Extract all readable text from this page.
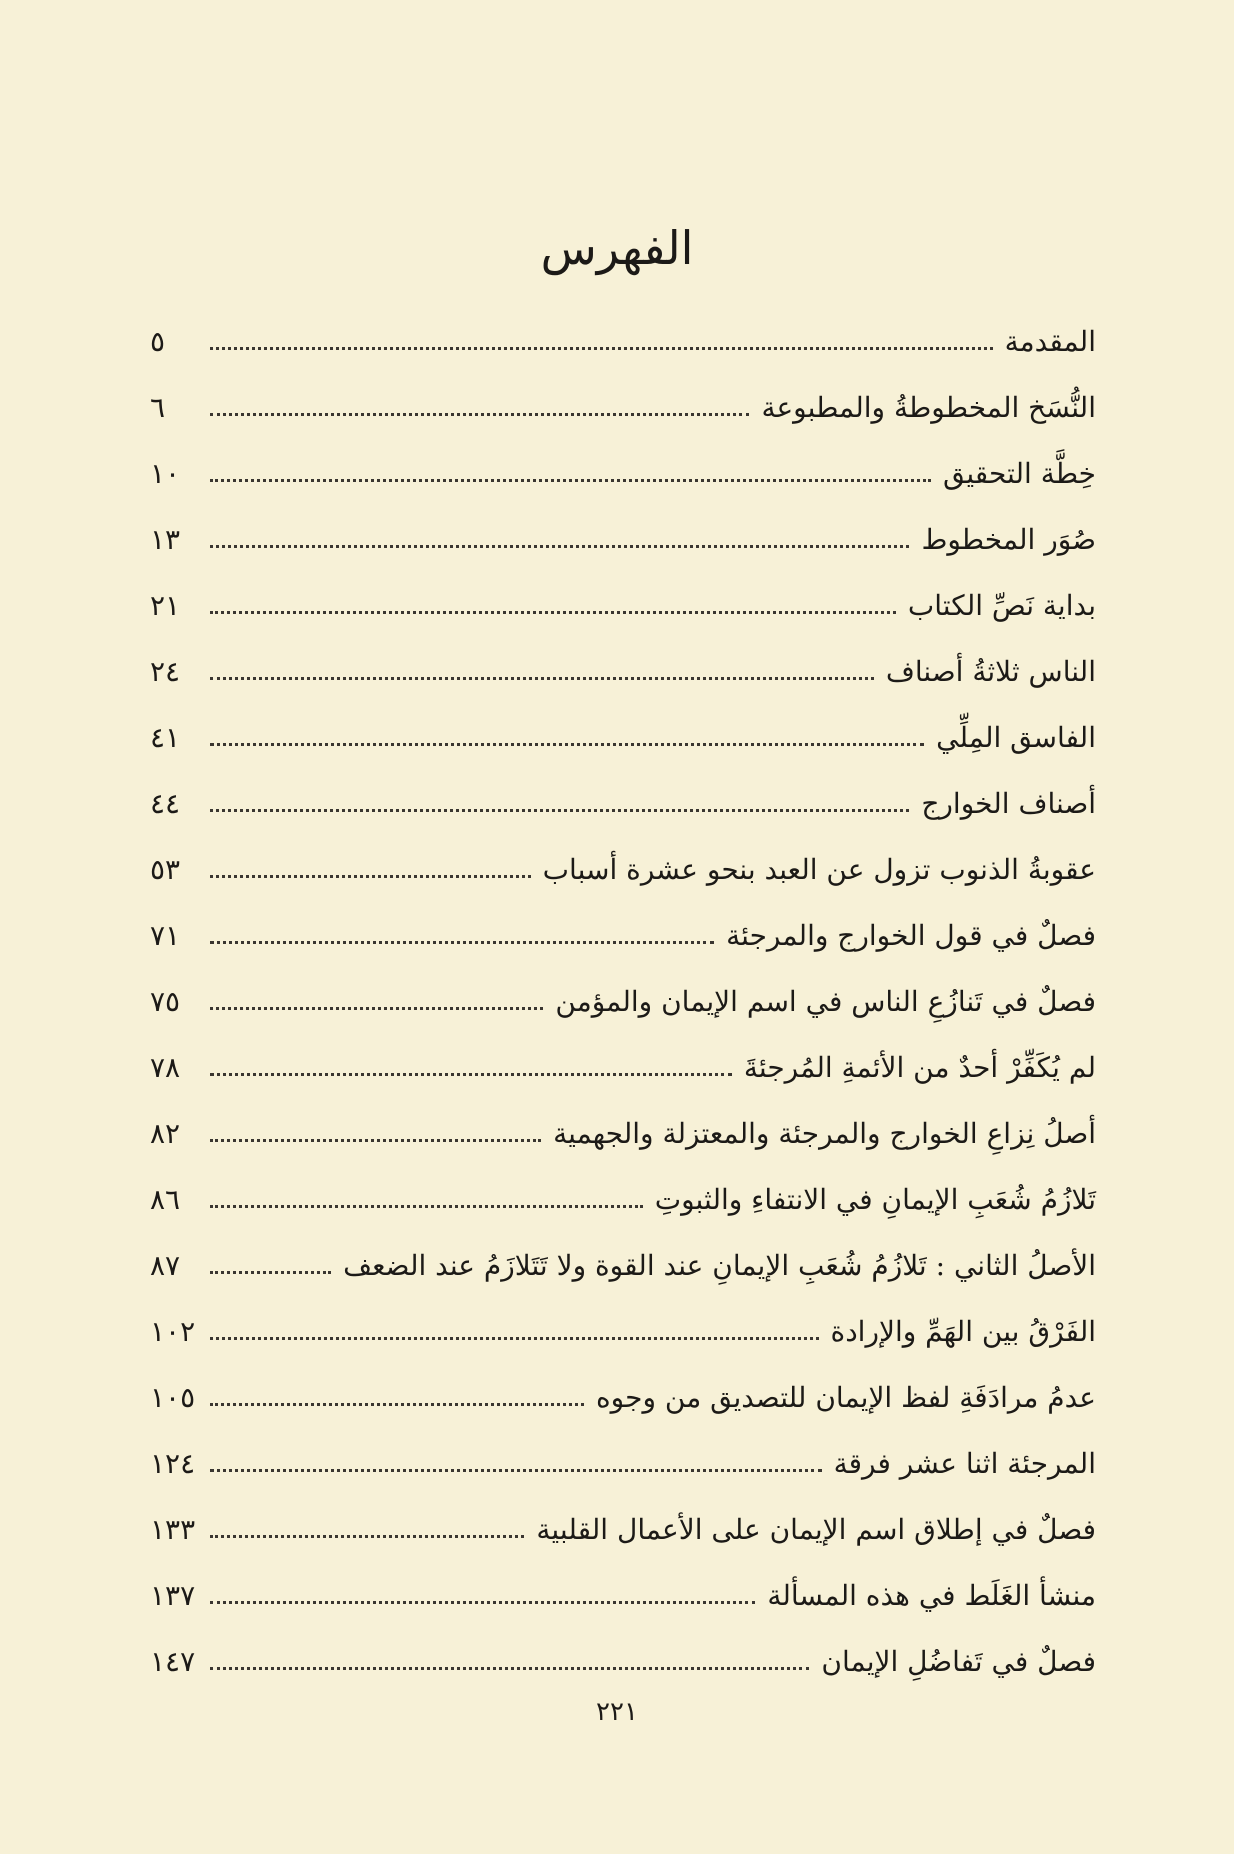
الفهرس
المقدمة
٥
النُّسَخ المخطوطةُ والمطبوعة
٦
خِطَّة التحقيق
١٠
صُوَر المخطوط
١٣
بداية نَصِّ الكتاب
٢١
الناس ثلاثةُ أصناف
٢٤
الفاسق المِلِّي
٤١
أصناف الخوارج
٤٤
عقوبةُ الذنوب تزول عن العبد بنحو عشرة أسباب
٥٣
فصلٌ في قول الخوارج والمرجئة
٧١
فصلٌ في تَنازُعِ الناس في اسم الإيمان والمؤمن
٧٥
لم يُكَفِّرْ أحدٌ من الأئمةِ المُرجئةَ
٧٨
أصلُ نِزاعِ الخوارج والمرجئة والمعتزلة والجهمية
٨٢
تَلازُمُ شُعَبِ الإيمانِ في الانتفاءِ والثبوتِ
٨٦
الأصلُ الثاني : تَلازُمُ شُعَبِ الإيمانِ عند القوة ولا تَتَلازَمُ عند الضعف
٨٧
الفَرْقُ بين الهَمِّ والإرادة
١٠٢
عدمُ مرادَفَةِ لفظ الإيمان للتصديق من وجوه
١٠٥
المرجئة اثنا عشر فرقة
١٢٤
فصلٌ في إطلاق اسم الإيمان على الأعمال القلبية
١٣٣
منشأ الغَلَط في هذه المسألة
١٣٧
فصلٌ في تَفاضُلِ الإيمان
١٤٧
٢٢١
